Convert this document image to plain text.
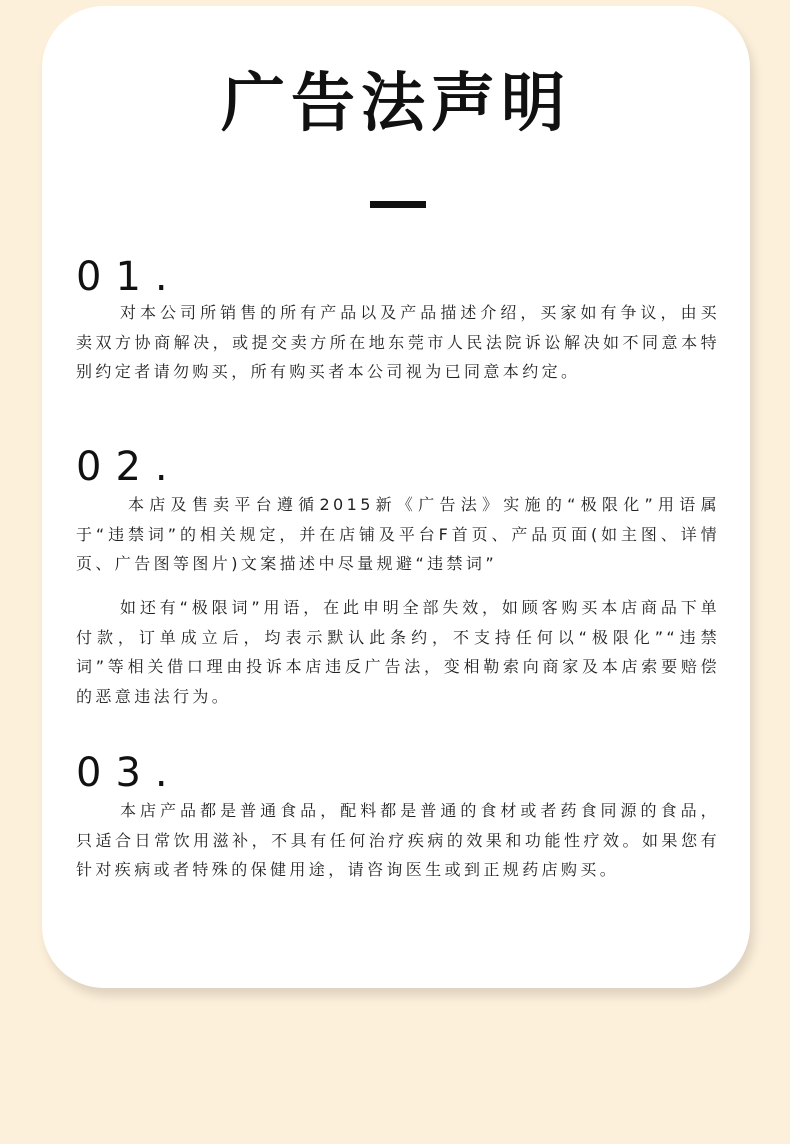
广告法声明
01.

对本公司所销售的所有产品以及产品描述介绍，买家如有争议，由买卖双方协商解决，或提交卖方所在地东莞市人民法院诉讼解决如不同意本特别约定者请勿购买，所有购买者本公司视为已同意本约定。

02.

本店及售卖平台遵循2015新《广告法》实施的“极限化”用语属于“违禁词”的相关规定，并在店铺及平台F首页、产品页面(如主图、详情页、广告图等图片)文案描述中尽量规避“违禁词”

如还有“极限词”用语，在此申明全部失效，如顾客购买本店商品下单付款，订单成立后，均表示默认此条约，不支持任何以“极限化”“违禁词”等相关借口理由投诉本店违反广告法，变相勒索向商家及本店索要赔偿的恶意违法行为。

03.

本店产品都是普通食品，配料都是普通的食材或者药食同源的食品，只适合日常饮用滋补，不具有任何治疗疾病的效果和功能性疗效。如果您有针对疾病或者特殊的保健用途，请咨询医生或到正规药店购买。
